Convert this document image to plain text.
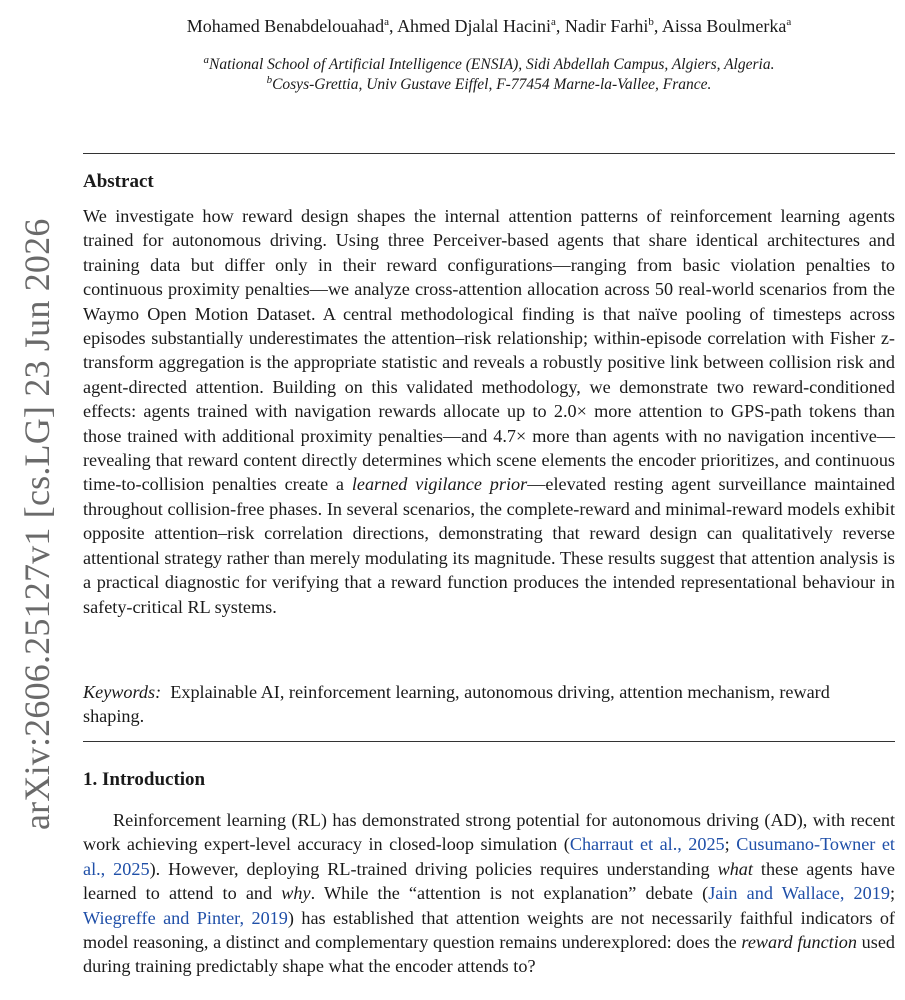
arXiv:2606.25127v1 [cs.LG] 23 Jun 2026
Mohamed Benabdelouahad$^a$, Ahmed Djalal Hacini$^a$, Nadir Farhi$^b$, Aissa Boulmerka$^a$
$^a$National School of Artificial Intelligence (ENSIA), Sidi Abdellah Campus, Algiers, Algeria.
$^b$Cosys-Grettia, Univ Gustave Eiffel, F-77454 Marne-la-Vallee, France.
Abstract

We investigate how reward design shapes the internal attention patterns of reinforcement learning agents trained for autonomous driving. Using three Perceiver-based agents that share identical architectures and training data but differ only in their reward configurations—ranging from basic violation penalties to continuous proximity penalties—we analyze cross-attention allocation across 50 real-world scenarios from the Waymo Open Motion Dataset. A central methodological finding is that naïve pooling of timesteps across episodes substantially underestimates the attention–risk relationship; within-episode correlation with Fisher z-transform aggregation is the appropriate statistic and reveals a robustly positive link between collision risk and agent-directed attention. Building on this validated methodology, we demonstrate two reward-conditioned effects: agents trained with navigation rewards allocate up to 2.0× more attention to GPS-path tokens than those trained with additional proximity penalties—and 4.7× more than agents with no navigation incentive—revealing that reward content directly determines which scene elements the encoder prioritizes, and continuous time-to-collision penalties create a learned vigilance prior—elevated resting agent surveillance maintained throughout collision-free phases. In several scenarios, the complete-reward and minimal-reward models exhibit opposite attention–risk correlation directions, demonstrating that reward design can qualitatively reverse attentional strategy rather than merely modulating its magnitude. These results suggest that attention analysis is a practical diagnostic for verifying that a reward function produces the intended representational behaviour in safety-critical RL systems.

Keywords: Explainable AI, reinforcement learning, autonomous driving, attention mechanism, reward shaping.

1. Introduction

Reinforcement learning (RL) has demonstrated strong potential for autonomous driving (AD), with recent work achieving expert-level accuracy in closed-loop simulation (Charraut et al., 2025; Cusumano-Towner et al., 2025). However, deploying RL-trained driving policies requires understanding what these agents have learned to attend to and why. While the “attention is not explanation” debate (Jain and Wallace, 2019; Wiegreffe and Pinter, 2019) has established that attention weights are not necessarily faithful indicators of model reasoning, a distinct and complementary question remains underexplored: does the reward function used during training predictably shape what the encoder attends to?
